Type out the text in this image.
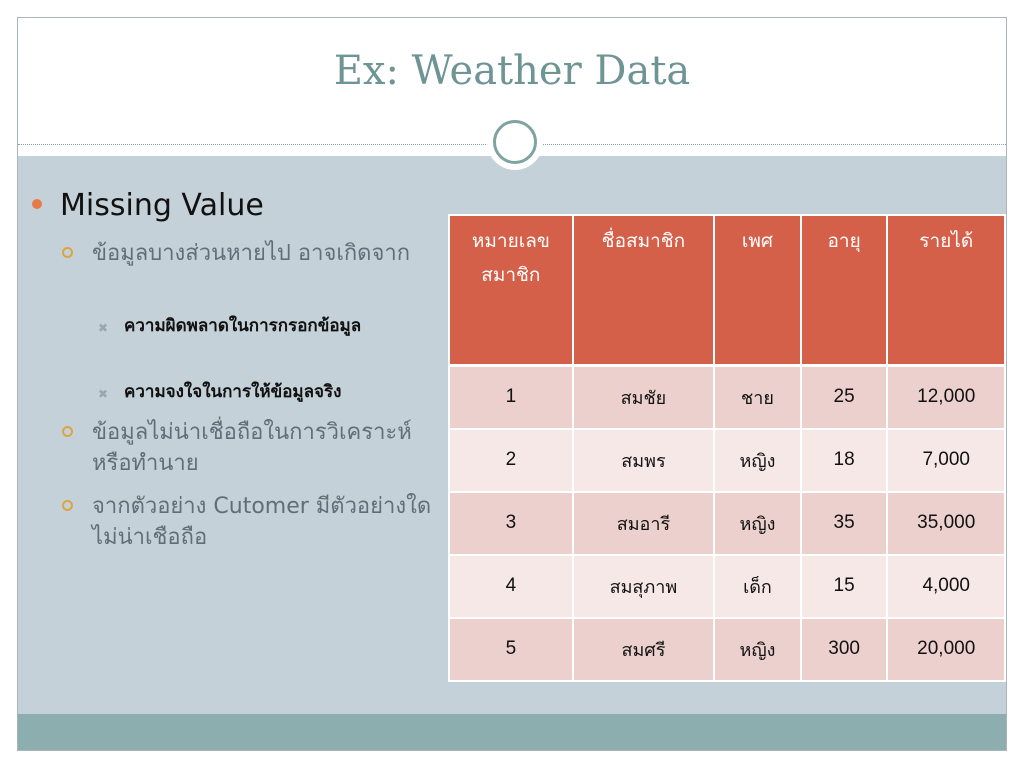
Ex: Weather Data
Missing Value
ข้อมูลบางส่วนหายไป อาจเกิดจาก
✖ ความผิดพลาดในการกรอกข้อมูล
✖ ความจงใจในการให้ข้อมูลจริง
ข้อมูลไม่น่าเชื่อถือในการวิเคราะห์หรือทำนาย
จากตัวอย่าง Cutomer มีตัวอย่างใดไม่น่าเชือถือ
หมายเลขสมาชิก	ชื่อสมาชิก	เพศ	อายุ	รายได้
1	สมชัย	ชาย	25	12,000
2	สมพร	หญิง	18	7,000
3	สมอารี	หญิง	35	35,000
4	สมสุภาพ	เด็ก	15	4,000
5	สมศรี	หญิง	300	20,000
